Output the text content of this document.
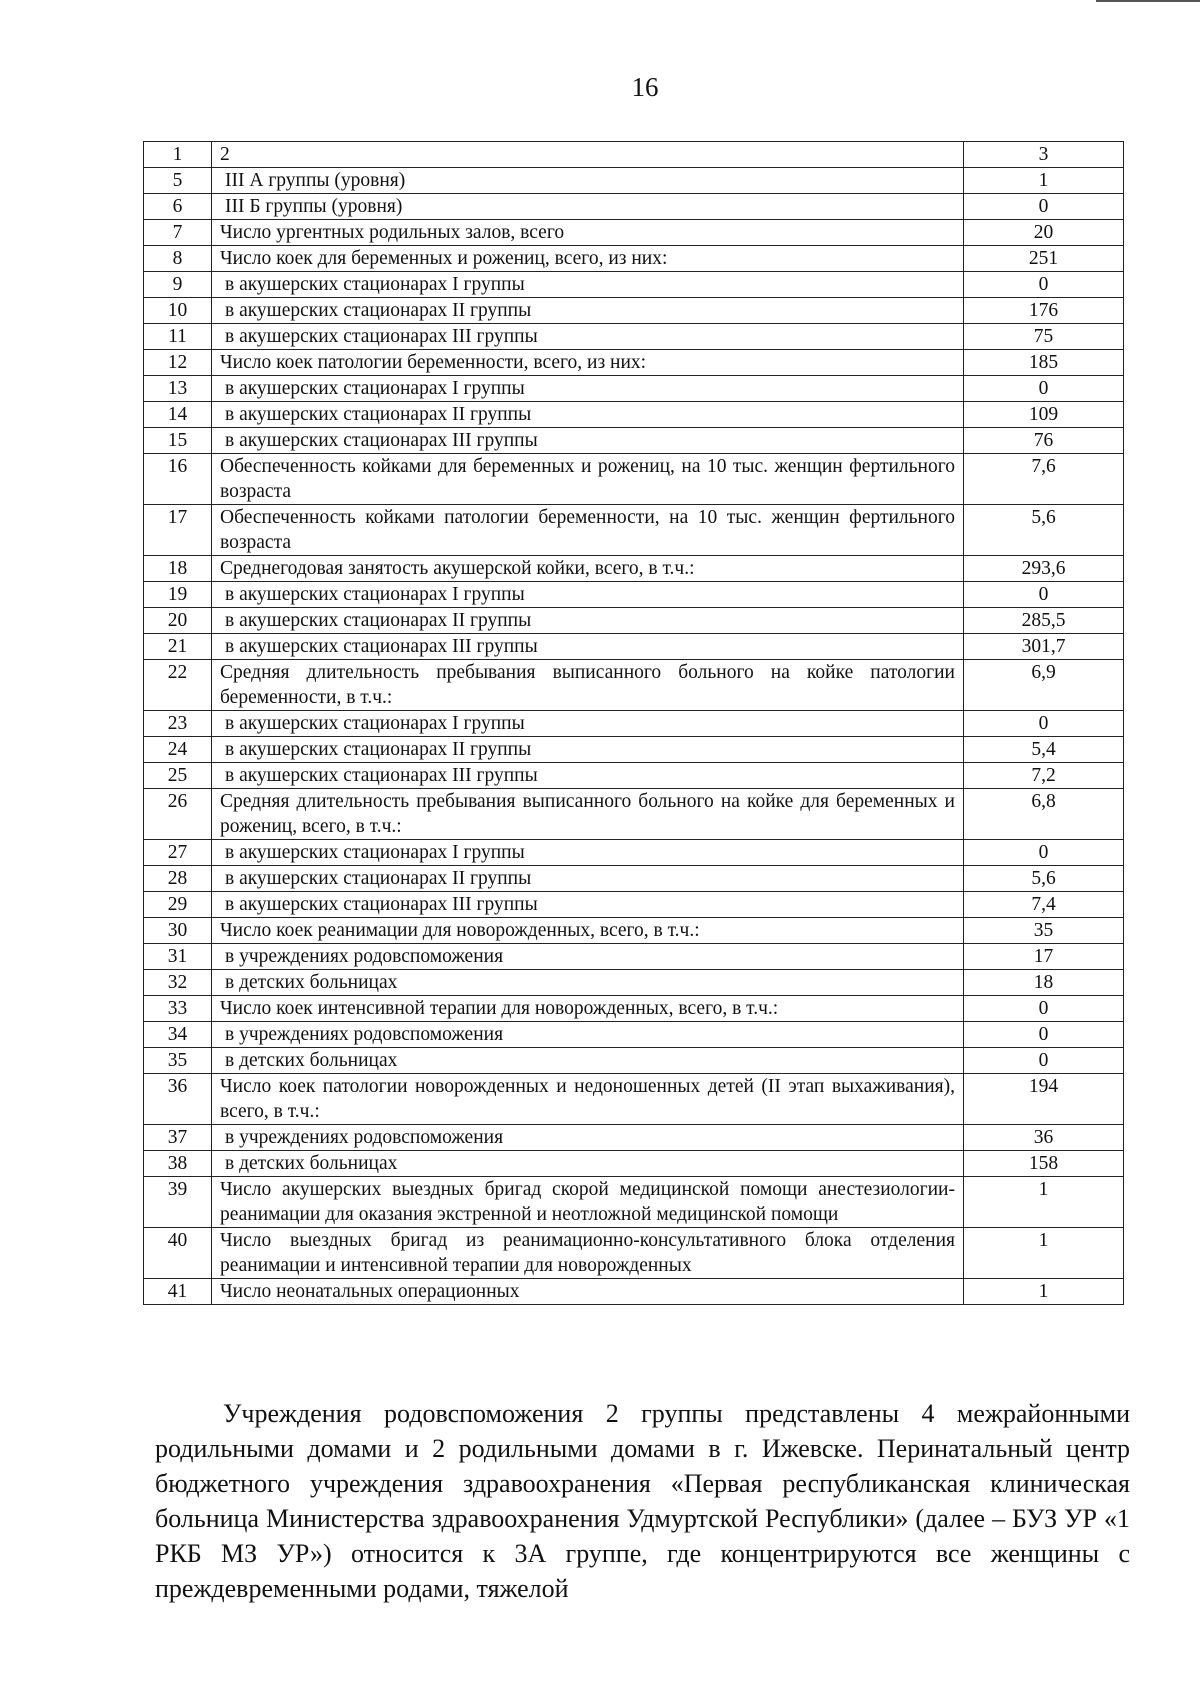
16
1	2	3
5	III А группы (уровня)	1
6	III Б группы (уровня)	0
7	Число ургентных родильных залов, всего	20
8	Число коек для беременных и рожениц, всего, из них:	251
9	в акушерских стационарах I группы	0
10	в акушерских стационарах II группы	176
11	в акушерских стационарах III группы	75
12	Число коек патологии беременности, всего, из них:	185
13	в акушерских стационарах I группы	0
14	в акушерских стационарах II группы	109
15	в акушерских стационарах III группы	76
16	Обеспеченность койками для беременных и рожениц, на 10 тыс. женщин фертильного возраста	7,6
17	Обеспеченность койками патологии беременности, на 10 тыс. женщин фертильного возраста	5,6
18	Среднегодовая занятость акушерской койки, всего, в т.ч.:	293,6
19	в акушерских стационарах I группы	0
20	в акушерских стационарах II группы	285,5
21	в акушерских стационарах III группы	301,7
22	Средняя длительность пребывания выписанного больного на койке патологии беременности, в т.ч.:	6,9
23	в акушерских стационарах I группы	0
24	в акушерских стационарах II группы	5,4
25	в акушерских стационарах III группы	7,2
26	Средняя длительность пребывания выписанного больного на койке для беременных и рожениц, всего, в т.ч.:	6,8
27	в акушерских стационарах I группы	0
28	в акушерских стационарах II группы	5,6
29	в акушерских стационарах III группы	7,4
30	Число коек реанимации для новорожденных, всего, в т.ч.:	35
31	в учреждениях родовспоможения	17
32	в детских больницах	18
33	Число коек интенсивной терапии для новорожденных, всего, в т.ч.:	0
34	в учреждениях родовспоможения	0
35	в детских больницах	0
36	Число коек патологии новорожденных и недоношенных детей (II этап выхаживания), всего, в т.ч.:	194
37	в учреждениях родовспоможения	36
38	в детских больницах	158
39	Число акушерских выездных бригад скорой медицинской помощи анестезиологии-реанимации для оказания экстренной и неотложной медицинской помощи	1
40	Число выездных бригад из реанимационно-консультативного блока отделения реанимации и интенсивной терапии для новорожденных	1
41	Число неонатальных операционных	1

Учреждения родовспоможения 2 группы представлены 4 межрайонными родильными домами и 2 родильными домами в г. Ижевске. Перинатальный центр бюджетного учреждения здравоохранения «Первая республиканская клиническая больница Министерства здравоохранения Удмуртской Республики» (далее – БУЗ УР «1 РКБ МЗ УР») относится к 3А группе, где концентрируются все женщины с преждевременными родами, тяжелой
